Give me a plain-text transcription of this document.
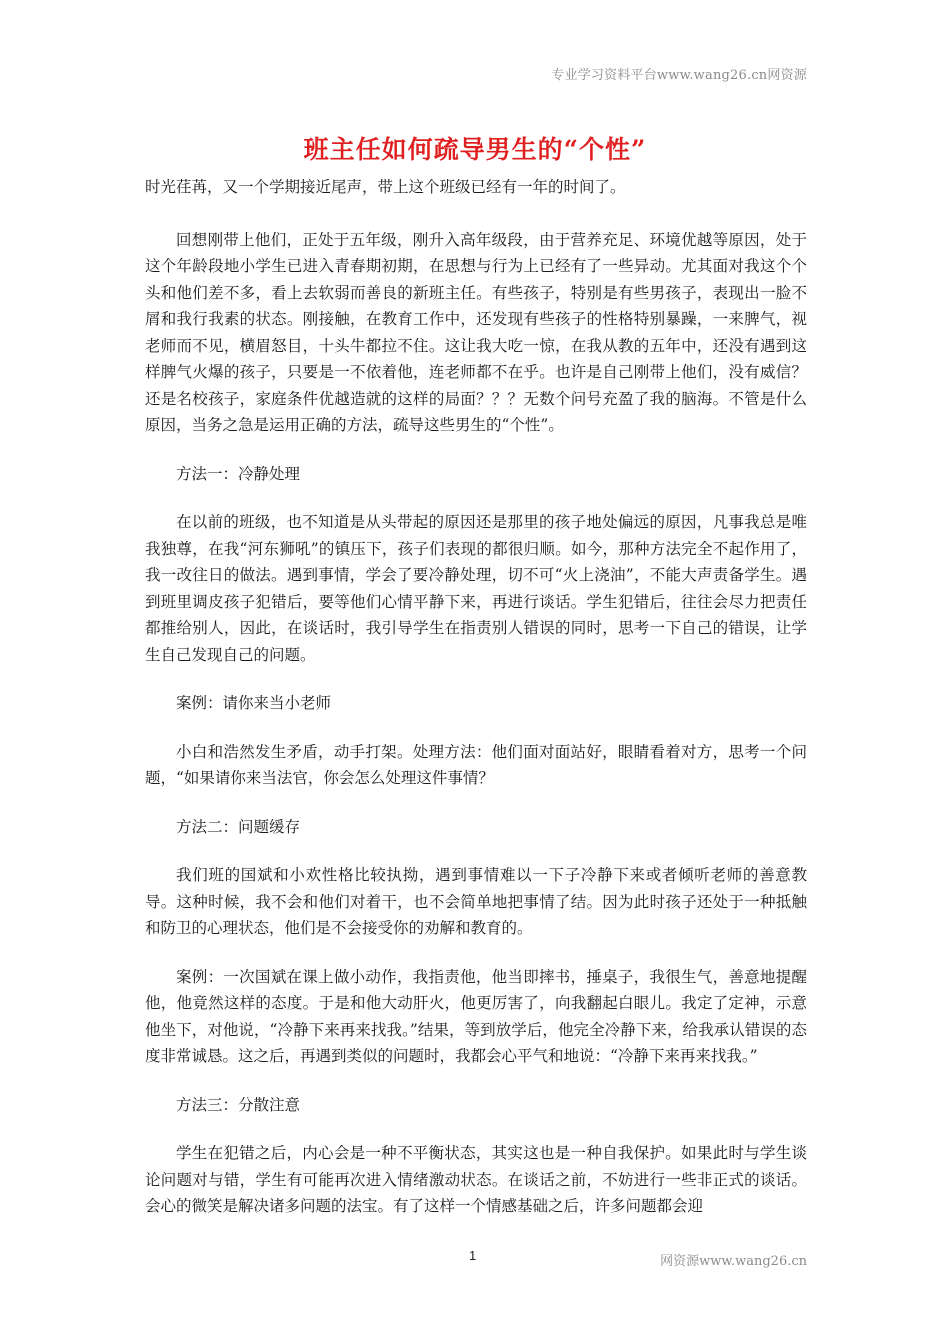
专业学习资料平台www.wang26.cn网资源
班主任如何疏导男生的“个性”

时光荏苒，又一个学期接近尾声，带上这个班级已经有一年的时间了。

回想刚带上他们，正处于五年级，刚升入高年级段，由于营养充足、环境优越等原因，处于这个年龄段地小学生已进入青春期初期，在思想与行为上已经有了一些异动。尤其面对我这个个头和他们差不多，看上去软弱而善良的新班主任。有些孩子，特别是有些男孩子，表现出一脸不屑和我行我素的状态。刚接触，在教育工作中，还发现有些孩子的性格特别暴躁，一来脾气，视老师而不见，横眉怒目，十头牛都拉不住。这让我大吃一惊，在我从教的五年中，还没有遇到这样脾气火爆的孩子，只要是一不依着他，连老师都不在乎。也许是自己刚带上他们，没有威信？还是名校孩子，家庭条件优越造就的这样的局面？？？无数个问号充盈了我的脑海。不管是什么原因，当务之急是运用正确的方法，疏导这些男生的“个性”。

方法一：冷静处理

在以前的班级，也不知道是从头带起的原因还是那里的孩子地处偏远的原因，凡事我总是唯我独尊，在我“河东狮吼”的镇压下，孩子们表现的都很归顺。如今，那种方法完全不起作用了，我一改往日的做法。遇到事情，学会了要冷静处理，切不可“火上浇油”，不能大声责备学生。遇到班里调皮孩子犯错后，要等他们心情平静下来，再进行谈话。学生犯错后，往往会尽力把责任都推给别人，因此，在谈话时，我引导学生在指责别人错误的同时，思考一下自己的错误，让学生自己发现自己的问题。

案例：请你来当小老师

小白和浩然发生矛盾，动手打架。处理方法：他们面对面站好，眼睛看着对方，思考一个问题，“如果请你来当法官，你会怎么处理这件事情？

方法二：问题缓存

我们班的国斌和小欢性格比较执拗，遇到事情难以一下子冷静下来或者倾听老师的善意教导。这种时候，我不会和他们对着干，也不会简单地把事情了结。因为此时孩子还处于一种抵触和防卫的心理状态，他们是不会接受你的劝解和教育的。

案例：一次国斌在课上做小动作，我指责他，他当即摔书，捶桌子，我很生气，善意地提醒他，他竟然这样的态度。于是和他大动肝火，他更厉害了，向我翻起白眼儿。我定了定神，示意他坐下，对他说，“冷静下来再来找我。”结果，等到放学后，他完全冷静下来，给我承认错误的态度非常诚恳。这之后，再遇到类似的问题时，我都会心平气和地说：“冷静下来再来找我。”

方法三：分散注意

学生在犯错之后，内心会是一种不平衡状态，其实这也是一种自我保护。如果此时与学生谈论问题对与错，学生有可能再次进入情绪激动状态。在谈话之前，不妨进行一些非正式的谈话。会心的微笑是解决诸多问题的法宝。有了这样一个情感基础之后，许多问题都会迎

1	网资源www.wang26.cn
